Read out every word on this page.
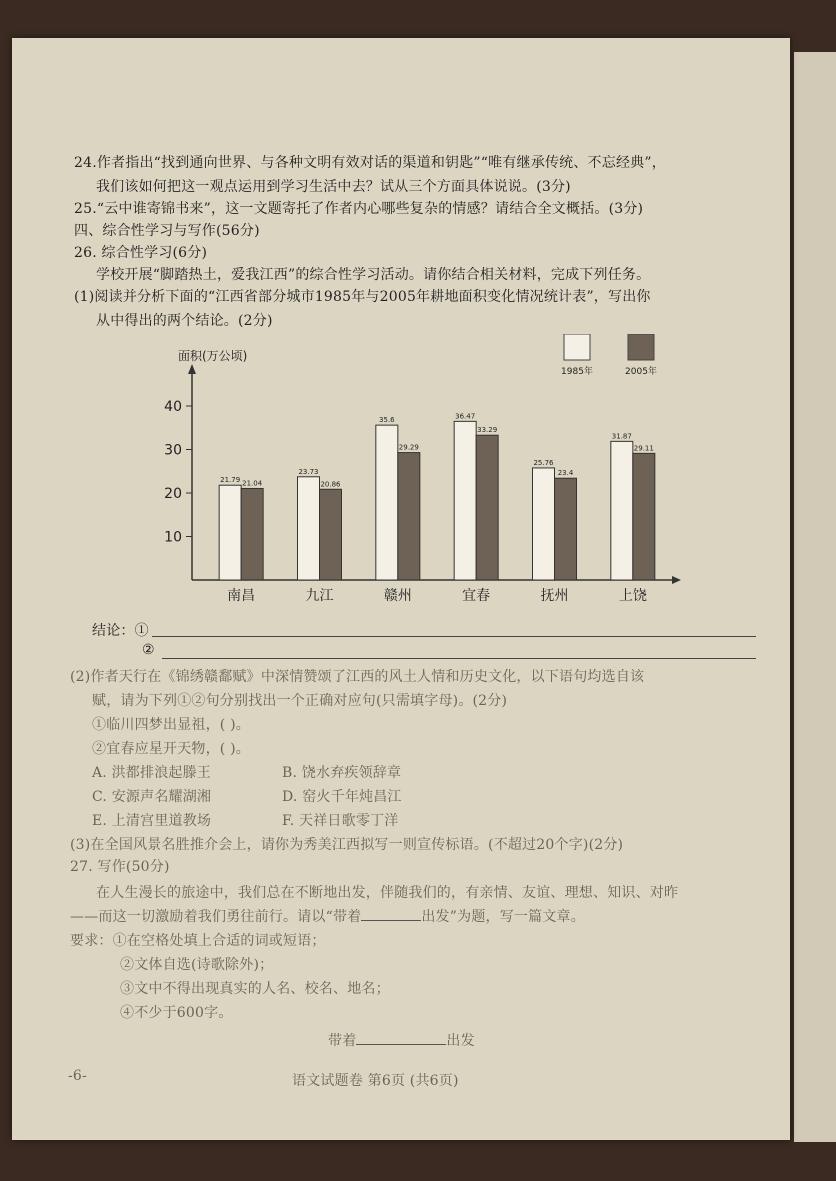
24.作者指出“找到通向世界、与各种文明有效对话的渠道和钥匙”“唯有继承传统、不忘经典”，
我们该如何把这一观点运用到学习生活中去？试从三个方面具体说说。(3分)
25.“云中谁寄锦书来”，这一文题寄托了作者内心哪些复杂的情感？请结合全文概括。(3分)
四、综合性学习与写作(56分)
26. 综合性学习(6分)
学校开展“脚踏热土，爱我江西”的综合性学习活动。请你结合相关材料，完成下列任务。
(1)阅读并分析下面的“江西省部分城市1985年与2005年耕地面积变化情况统计表”，写出你
从中得出的两个结论。(2分)
面积(万公顷)
10
20
30
40
21.79 21.04
南昌
23.73
20.86
九江
35.6
29.29
赣州
36.47
33.29
宜春
25.76
23.4
抚州
31.87
29.11
上饶
1985年	2005年
结论：①
②
(2)作者天行在《锦绣赣鄱赋》中深情赞颂了江西的风土人情和历史文化，以下语句均选自该
赋，请为下列①②句分别找出一个正确对应句(只需填字母)。(2分)
①临川四梦出显祖，( )。
②宜春应星开天物，( )。
A. 洪都排浪起滕王	B. 饶水弃疾领辞章
C. 安源声名耀湖湘	D. 窑火千年炖昌江
E. 上清宫里道教场	F. 天祥日歌零丁洋
(3)在全国风景名胜推介会上，请你为秀美江西拟写一则宣传标语。(不超过20个字)(2分)
27. 写作(50分)
在人生漫长的旅途中，我们总在不断地出发，伴随我们的，有亲情、友谊、理想、知识、对昨
——而这一切激励着我们勇往前行。请以“带着	出发”为题，写一篇文章。
要求：①在空格处填上合适的词或短语；
②文体自选(诗歌除外)；
③文中不得出现真实的人名、校名、地名；
④不少于600字。
带着	出发
-6-	语文试题卷 第6页 (共6页)
